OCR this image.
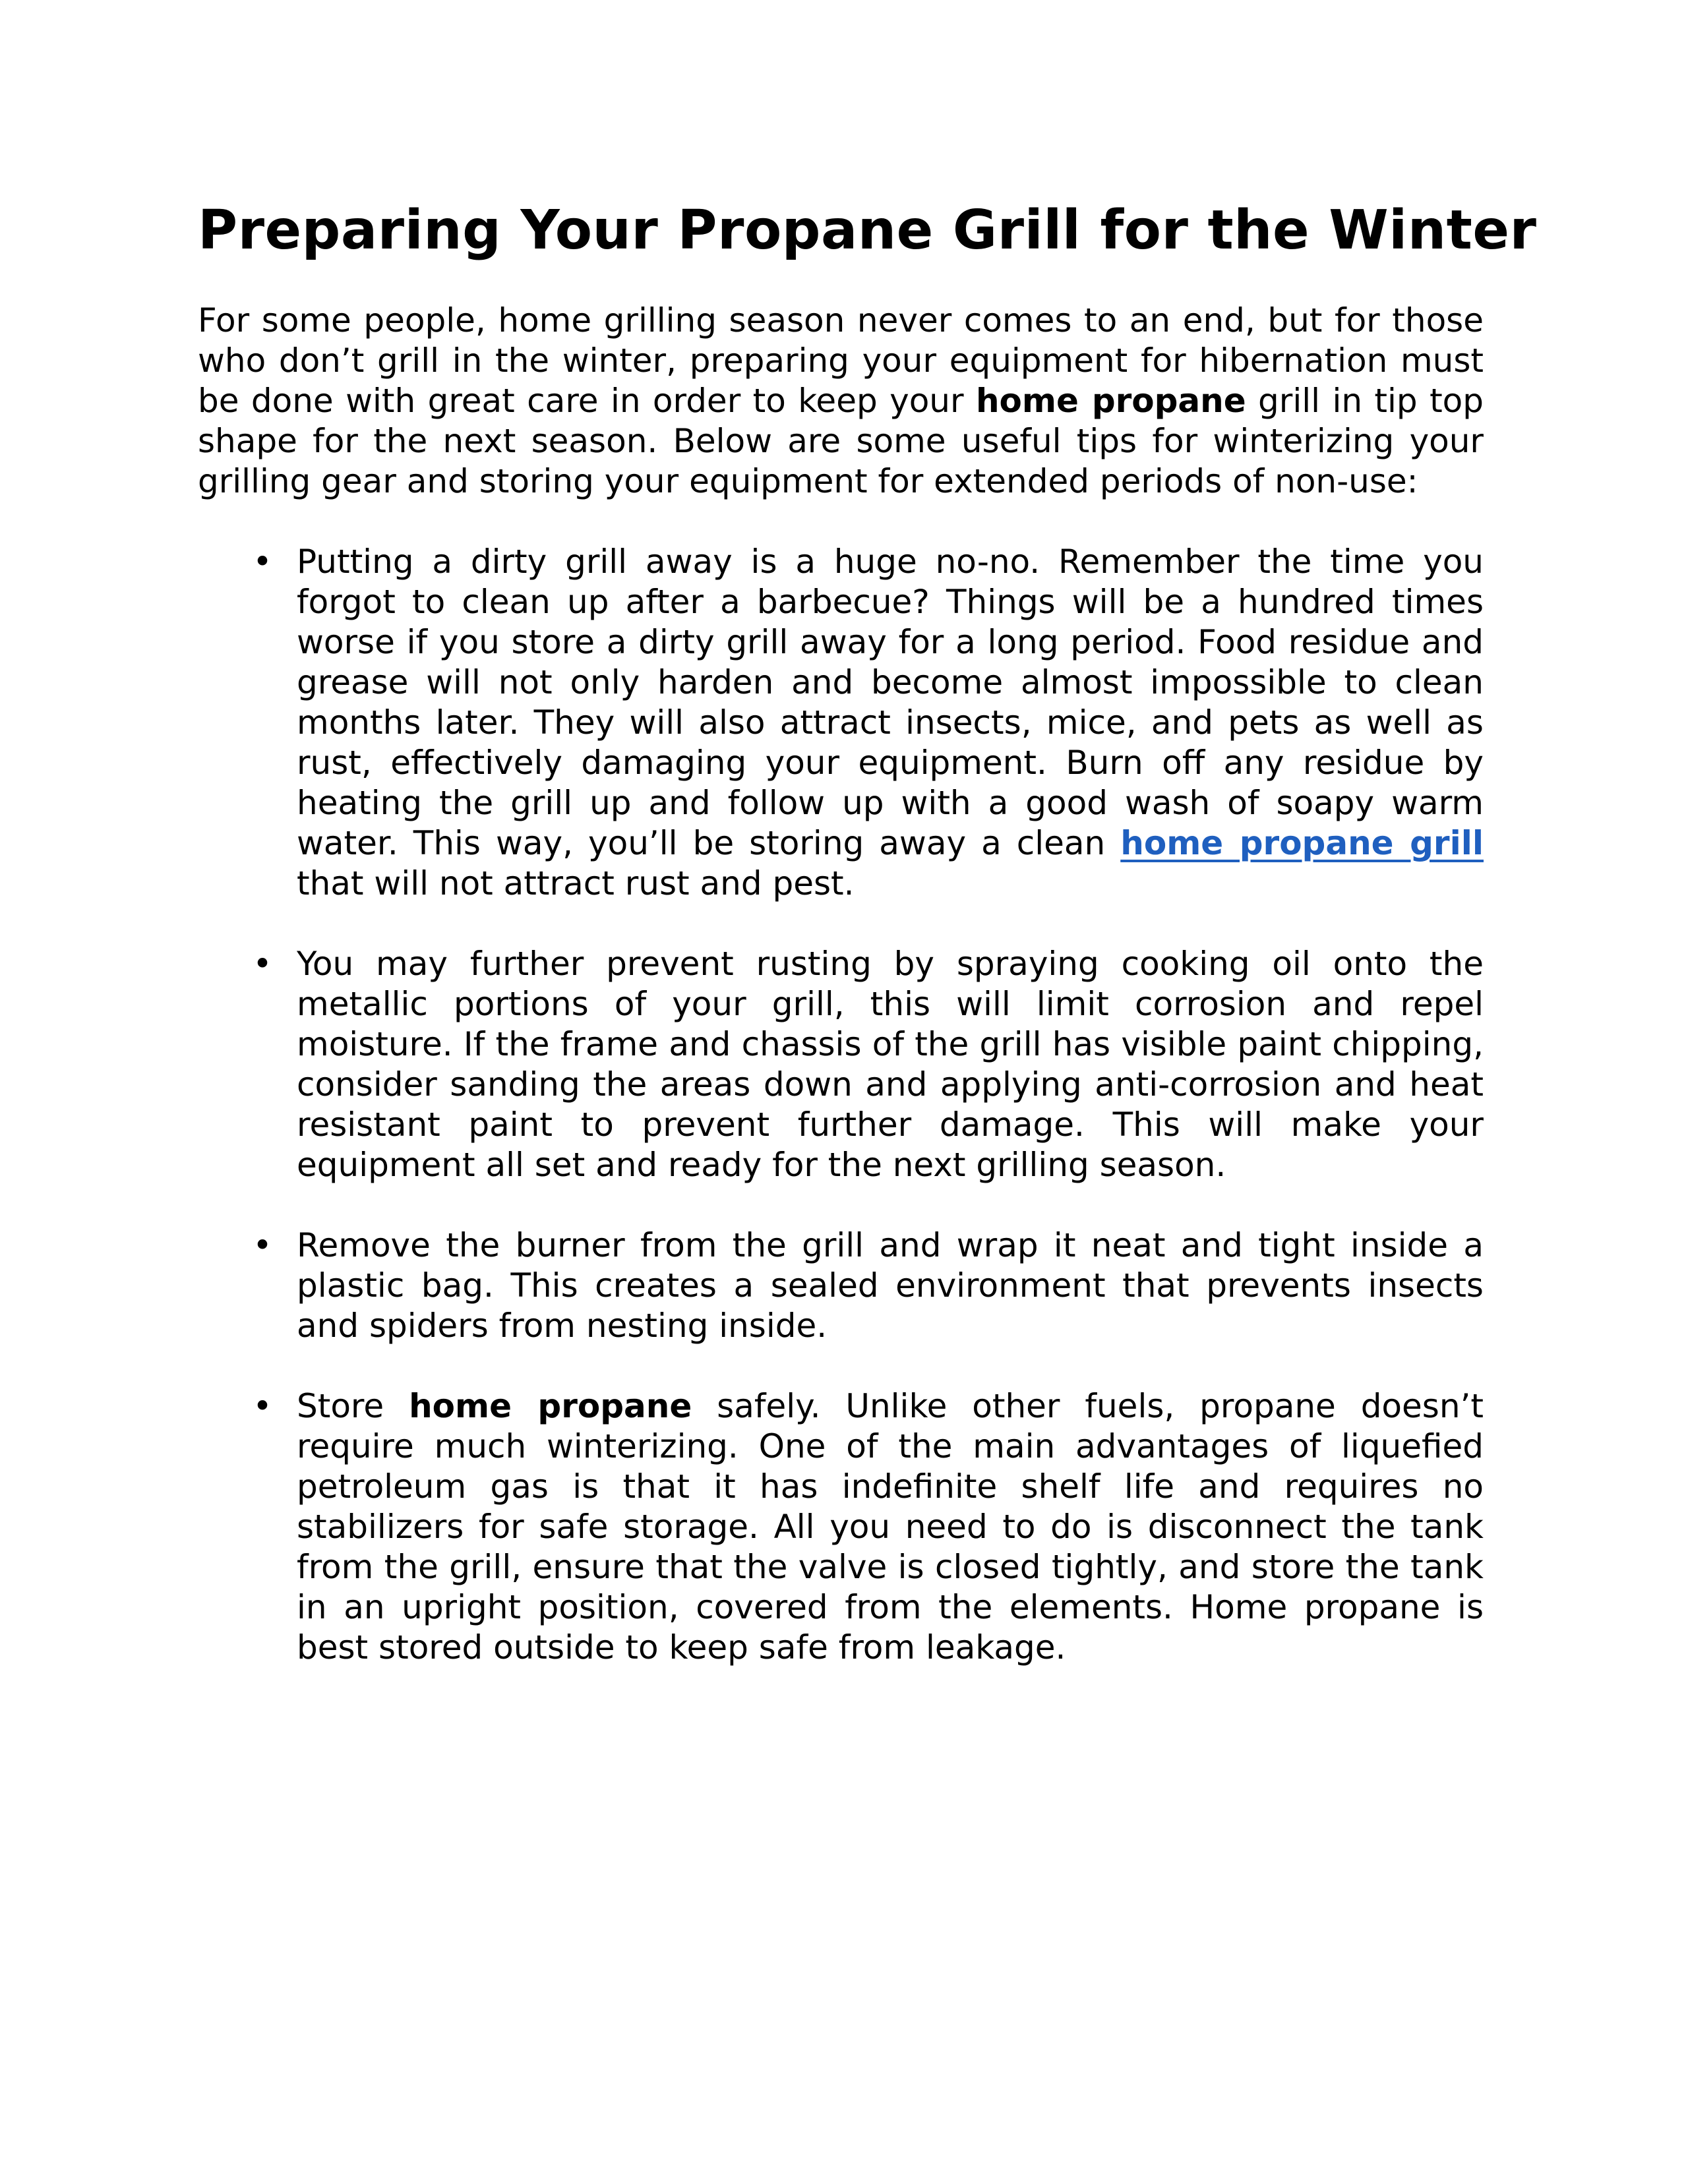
Preparing Your Propane Grill for the Winter

For some people, home grilling season never comes to an end, but for those who don’t grill in the winter, preparing your equipment for hibernation must be done with great care in order to keep your home propane grill in tip top shape for the next season. Below are some useful tips for winterizing your grilling gear and storing your equipment for extended periods of non-use:

• Putting a dirty grill away is a huge no-no. Remember the time you forgot to clean up after a barbecue? Things will be a hundred times worse if you store a dirty grill away for a long period. Food residue and grease will not only harden and become almost impossible to clean months later. They will also attract insects, mice, and pets as well as rust, effectively damaging your equipment. Burn off any residue by heating the grill up and follow up with a good wash of soapy warm water. This way, you’ll be storing away a clean home propane grill that will not attract rust and pest.
• You may further prevent rusting by spraying cooking oil onto the metallic portions of your grill, this will limit corrosion and repel moisture. If the frame and chassis of the grill has visible paint chipping, consider sanding the areas down and applying anti-corrosion and heat resistant paint to prevent further damage. This will make your equipment all set and ready for the next grilling season.
• Remove the burner from the grill and wrap it neat and tight inside a plastic bag. This creates a sealed environment that prevents insects and spiders from nesting inside.
• Store home propane safely. Unlike other fuels, propane doesn’t require much winterizing. One of the main advantages of liquefied petroleum gas is that it has indefinite shelf life and requires no stabilizers for safe storage. All you need to do is disconnect the tank from the grill, ensure that the valve is closed tightly, and store the tank in an upright position, covered from the elements. Home propane is best stored outside to keep safe from leakage.
